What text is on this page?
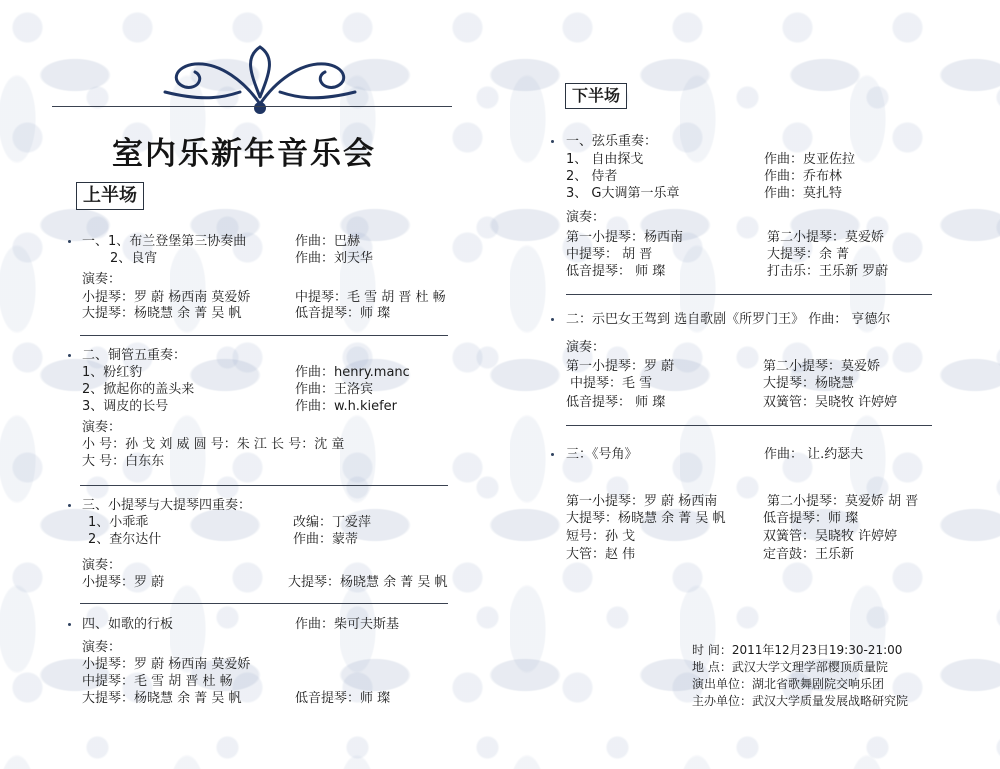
室内乐新年音乐会
上半场
一、1、布兰登堡第三协奏曲	作曲：巴赫
2、良宵	作曲：刘天华
演奏：
小提琴：罗 蔚 杨西南 莫爱娇	中提琴：毛 雪 胡 晋 杜 畅
大提琴：杨晓慧 余 菁 吴 帆	低音提琴：师 璨
二、铜管五重奏：
1、粉红豹	作曲：henry.manc
2、掀起你的盖头来	作曲：王洛宾
3、调皮的长号	作曲：w.h.kiefer
演奏：
小 号：孙 戈 刘 威 圆 号：朱 江 长 号：沈 童
大 号：白东东
三、小提琴与大提琴四重奏：
1、小乖乖	改编：丁爱萍
2、查尔达什	作曲：蒙蒂
演奏：
小提琴：罗 蔚	大提琴：杨晓慧 余 菁 吴 帆
四、如歌的行板	作曲：柴可夫斯基
演奏：
小提琴：罗 蔚 杨西南 莫爱娇
中提琴：毛 雪 胡 晋 杜 畅
大提琴：杨晓慧 余 菁 吴 帆	低音提琴：师 璨
下半场
一、弦乐重奏：
1、 自由探戈	作曲：皮亚佐拉
2、 侍者	作曲：乔布林
3、 G大调第一乐章	作曲：莫扎特
演奏：
第一小提琴：杨西南	第二小提琴：莫爱娇
中提琴： 胡 晋	大提琴：余 菁
低音提琴： 师 璨	打击乐：王乐新 罗蔚
二：示巴女王驾到 选自歌剧《所罗门王》 作曲： 亨德尔
演奏：
第一小提琴：罗 蔚	第二小提琴：莫爱娇
中提琴：毛 雪	大提琴：杨晓慧
低音提琴： 师 璨	双簧管：吴晓牧 许婷婷
三：《号角》	作曲： 让.约瑟夫
第一小提琴：罗 蔚 杨西南	第二小提琴：莫爱娇 胡 晋
大提琴：杨晓慧 余 菁 吴 帆	低音提琴：师 璨
短号：孙 戈	双簧管：吴晓牧 许婷婷
大管：赵 伟	定音鼓：王乐新
时 间：2011年12月23日19:30-21:00
地 点：武汉大学文理学部樱顶质量院
演出单位：湖北省歌舞剧院交响乐团
主办单位：武汉大学质量发展战略研究院
